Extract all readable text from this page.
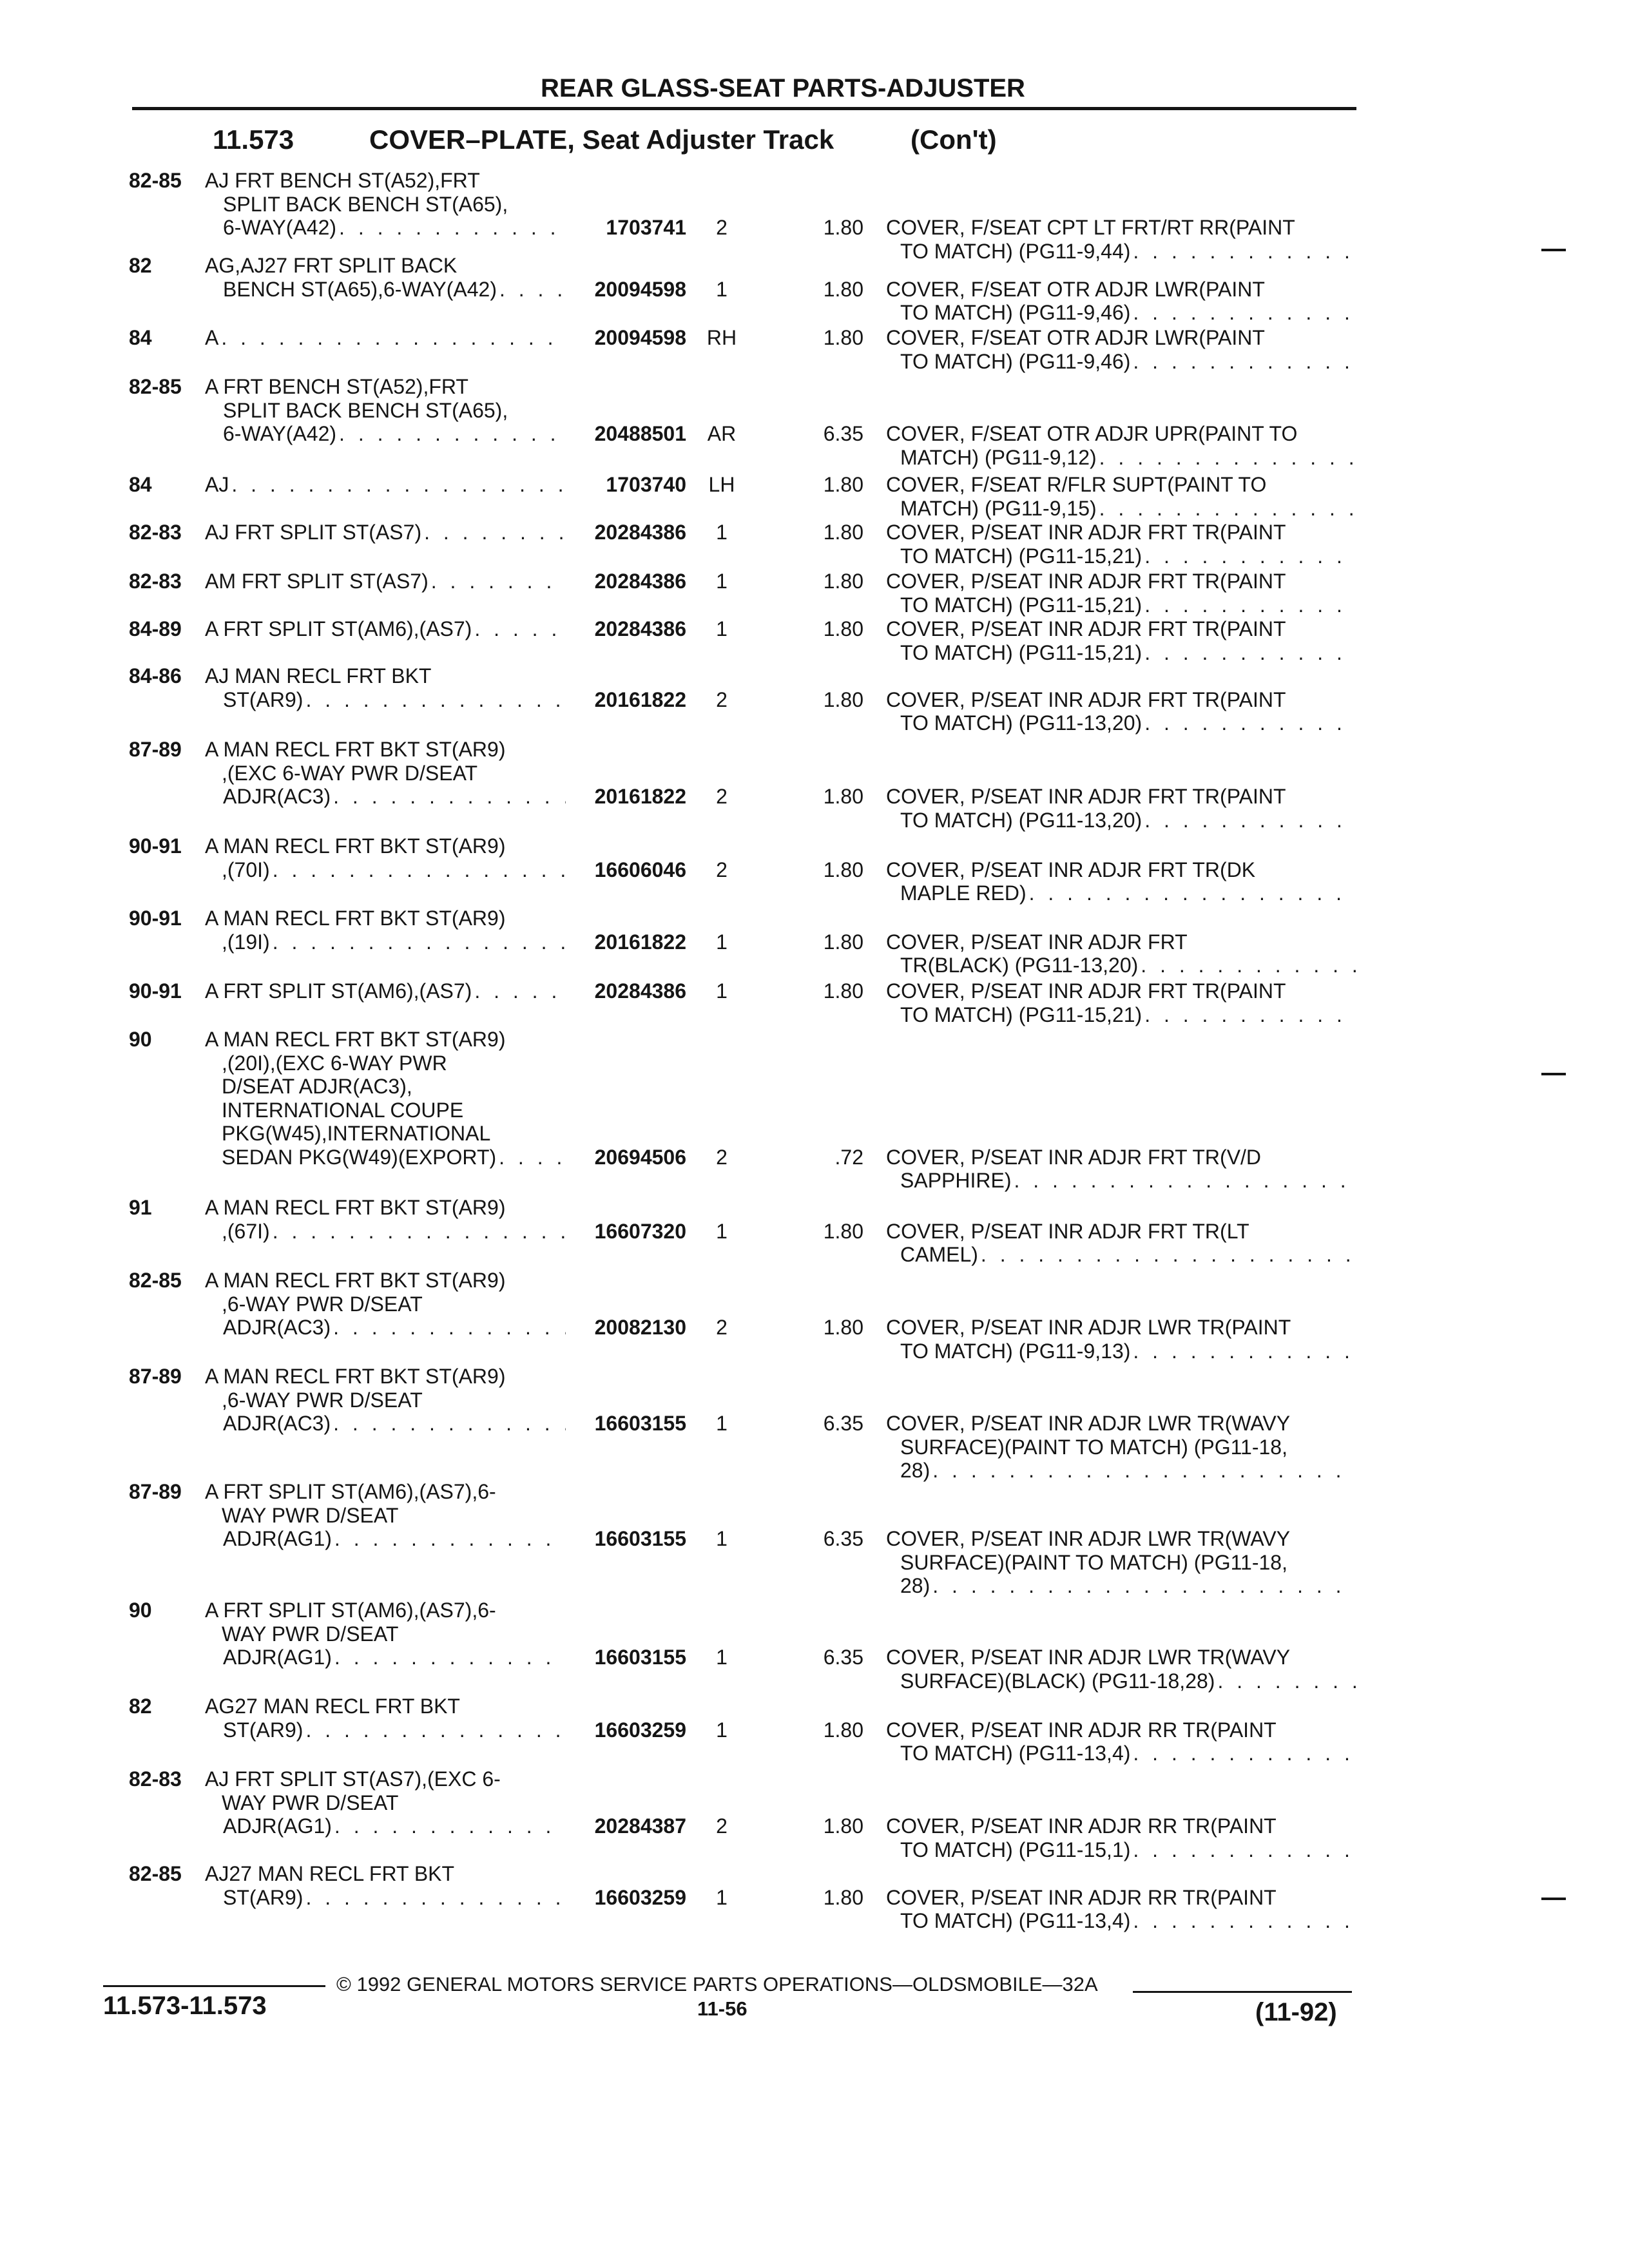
REAR GLASS-SEAT PARTS-ADJUSTER
11.573	COVER–PLATE, Seat Adjuster Track	(Con't)
82-85 AJ FRT BENCH ST(A52),FRT
SPLIT BACK BENCH ST(A65),
6-WAY(A42) . . .	1703741	2	1.80 COVER, F/SEAT CPT LT FRT/RT RR(PAINT
TO MATCH) (PG11-9,44)
. . .
82	AG,AJ27 FRT SPLIT BACK
BENCH ST(A65),6-WAY(A42) . . .	20094598	1	1.80 COVER, F/SEAT OTR ADJR LWR(PAINT
TO MATCH) (PG11-9,46)
. . .
84	A . . .	20094598 RH	1.80 COVER, F/SEAT OTR ADJR LWR(PAINT
TO MATCH) (PG11-9,46)
. . .
82-85 A FRT BENCH ST(A52),FRT
SPLIT BACK BENCH ST(A65),
6-WAY(A42) . . .	20488501	AR	6.35 COVER, F/SEAT OTR ADJR UPR(PAINT TO
MATCH) (PG11-9,12)
. . .
84	AJ . . .	1703740	LH	1.80 COVER, F/SEAT R/FLR SUPT(PAINT TO
MATCH) (PG11-9,15)
. . .
82-83 AJ FRT SPLIT ST(AS7) . . .	20284386	1	1.80 COVER, P/SEAT INR ADJR FRT TR(PAINT
TO MATCH) (PG11-15,21)
. . .
82-83 AM FRT SPLIT ST(AS7) . . .	20284386	1	1.80 COVER, P/SEAT INR ADJR FRT TR(PAINT
TO MATCH) (PG11-15,21)
. . .
84-89 A FRT SPLIT ST(AM6),(AS7) . . .	20284386	1	1.80 COVER, P/SEAT INR ADJR FRT TR(PAINT
TO MATCH) (PG11-15,21)
. . .
84-86 AJ MAN RECL FRT BKT
ST(AR9) . . .	20161822	2	1.80 COVER, P/SEAT INR ADJR FRT TR(PAINT
TO MATCH) (PG11-13,20)
. . .
87-89 A MAN RECL FRT BKT ST(AR9)
,(EXC 6-WAY PWR D/SEAT
ADJR(AC3) . . .	20161822	2	1.80 COVER, P/SEAT INR ADJR FRT TR(PAINT
TO MATCH) (PG11-13,20)
. . .
90-91 A MAN RECL FRT BKT ST(AR9)
,(70I) . . .	16606046	2	1.80 COVER, P/SEAT INR ADJR FRT TR(DK
MAPLE RED)
. . .
90-91 A MAN RECL FRT BKT ST(AR9)
,(19I) . . .	20161822	1	1.80 COVER, P/SEAT INR ADJR FRT
TR(BLACK) (PG11-13,20)
. . .
90-91 A FRT SPLIT ST(AM6),(AS7) . . .	20284386	1	1.80 COVER, P/SEAT INR ADJR FRT TR(PAINT
TO MATCH) (PG11-15,21)
. . .
90	A MAN RECL FRT BKT ST(AR9)
,(20I),(EXC 6-WAY PWR
D/SEAT ADJR(AC3),
INTERNATIONAL COUPE
PKG(W45),INTERNATIONAL
SEDAN PKG(W49)(EXPORT) . . .	20694506	2	.72 COVER, P/SEAT INR ADJR FRT TR(V/D
SAPPHIRE)
. . .
91	A MAN RECL FRT BKT ST(AR9)
,(67I) . . .	16607320	1	1.80 COVER, P/SEAT INR ADJR FRT TR(LT
CAMEL)
. . .
82-85 A MAN RECL FRT BKT ST(AR9)
,6-WAY PWR D/SEAT
ADJR(AC3) . . .	20082130	2	1.80 COVER, P/SEAT INR ADJR LWR TR(PAINT
TO MATCH) (PG11-9,13)
. . .
87-89 A MAN RECL FRT BKT ST(AR9)
,6-WAY PWR D/SEAT
ADJR(AC3) . . .	16603155	1	6.35 COVER, P/SEAT INR ADJR LWR TR(WAVY
SURFACE)(PAINT TO MATCH) (PG11-18,
28)
. . .
87-89 A FRT SPLIT ST(AM6),(AS7),6-
WAY PWR D/SEAT
ADJR(AG1) . . .	16603155	1	6.35 COVER, P/SEAT INR ADJR LWR TR(WAVY
SURFACE)(PAINT TO MATCH) (PG11-18,
28)
. . .
90	A FRT SPLIT ST(AM6),(AS7),6-
WAY PWR D/SEAT
ADJR(AG1) . . .	16603155	1	6.35 COVER, P/SEAT INR ADJR LWR TR(WAVY
SURFACE)(BLACK) (PG11-18,28)
. . .
82	AG27 MAN RECL FRT BKT
ST(AR9) . . .	16603259	1	1.80 COVER, P/SEAT INR ADJR RR TR(PAINT
TO MATCH) (PG11-13,4)
. . .
82-83 AJ FRT SPLIT ST(AS7),(EXC 6-
WAY PWR D/SEAT
ADJR(AG1) . . .	20284387	2	1.80 COVER, P/SEAT INR ADJR RR TR(PAINT
TO MATCH) (PG11-15,1)
. . .
82-85 AJ27 MAN RECL FRT BKT
ST(AR9) . . .	16603259	1	1.80 COVER, P/SEAT INR ADJR RR TR(PAINT
TO MATCH) (PG11-13,4)
. . .
© 1992 GENERAL MOTORS SERVICE PARTS OPERATIONS—OLDSMOBILE—32A
11.573-11.573	11-56	(11-92)
